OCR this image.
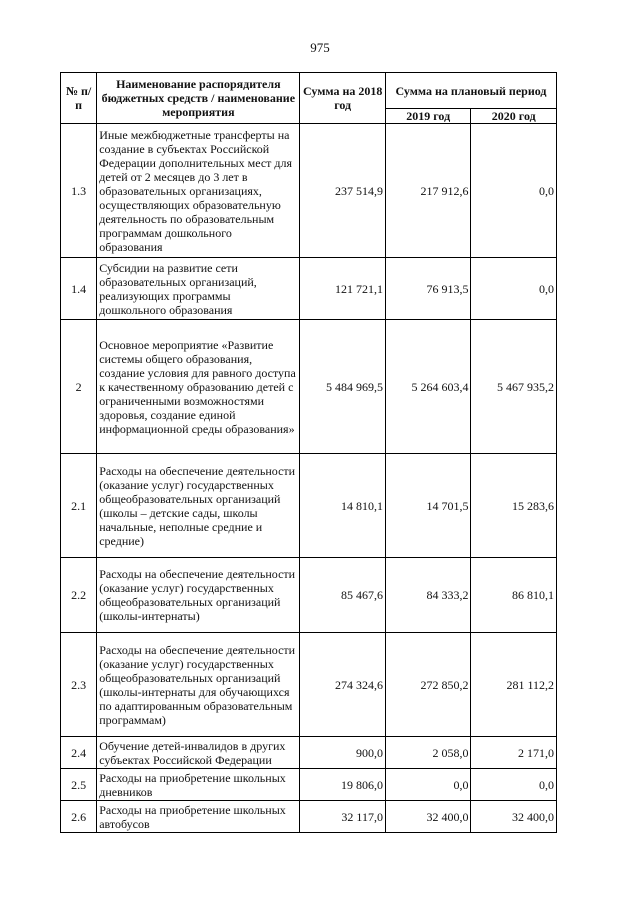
975
№ п/п	Наименование распорядителя бюджетных средств / наименование мероприятия	Сумма на 2018 год	Сумма на плановый период	
			2019 год	2020 год
1.3	Иные межбюджетные трансферты на создание в субъектах Российской Федерации дополнительных мест для детей от 2 месяцев до 3 лет в образовательных организациях, осуществляющих образовательную деятельность по образовательным программам дошкольного образования	237 514,9	217 912,6	0,0
1.4	Субсидии на развитие сети образовательных организаций, реализующих программы дошкольного образования	121 721,1	76 913,5	0,0
2	Основное мероприятие «Развитие системы общего образования, создание условия для равного доступа к качественному образованию детей с ограниченными возможностями здоровья, создание единой информационной среды образования»	5 484 969,5	5 264 603,4	5 467 935,2
2.1	Расходы на обеспечение деятельности (оказание услуг) государственных общеобразовательных организаций (школы – детские сады, школы начальные, неполные средние и средние)	14 810,1	14 701,5	15 283,6
2.2	Расходы на обеспечение деятельности (оказание услуг) государственных общеобразовательных организаций (школы-интернаты)	85 467,6	84 333,2	86 810,1
2.3	Расходы на обеспечение деятельности (оказание услуг) государственных общеобразовательных организаций (школы-интернаты для обучающихся по адаптированным образовательным программам)	274 324,6	272 850,2	281 112,2
2.4	Обучение детей-инвалидов в других субъектах Российской Федерации	900,0	2 058,0	2 171,0
2.5	Расходы на приобретение школьных дневников	19 806,0	0,0	0,0
2.6	Расходы на приобретение школьных автобусов	32 117,0	32 400,0	32 400,0
